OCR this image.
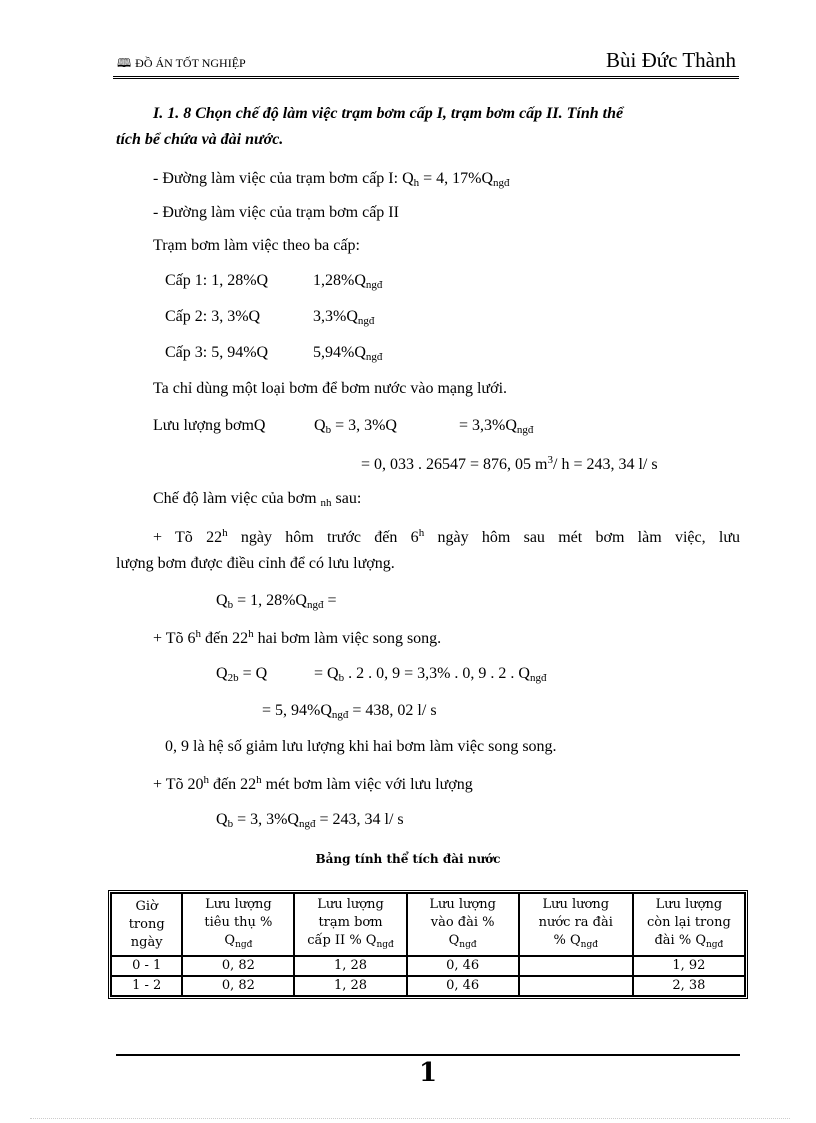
🕮 ĐỒ ÁN TỐT NGHIỆP	Bùi Đức Thành
I. 1. 8 Chọn chế độ làm việc trạm bơm cấp I, trạm bơm cấp II. Tính thể
tích bể chứa và đài nước.
- Đường làm việc của trạm bơm cấp I: $Q_h = 4$, $17\%Q_{ngđ}$
- Đường làm việc của trạm bơm cấp II
Trạm bơm làm việc theo ba cấp:
Cấp 1: 1, 28%Q	$1,28\%Q_{ngđ}$
Cấp 2: 3, 3%Q	$3,3\%Q_{ngđ}$
Cấp 3: 5, 94%Q	$5,94\%Q_{ngđ}$
Ta chỉ dùng một loại bơm để bơm nước vào mạng lưới.
Lưu lượng bơmQ	$Q_b = 3$, 3%Q	= $3,3\%Q_{ngđ}$
= 0, 033 . 26547 = 876, 05 $m^3/$ h = 243, 34 l/ s
Chế độ làm việc của bơm $_{nh}$ sau:
+ Tõ 22$^h$ ngày hôm trước đến 6$^h$ ngày hôm sau mét bơm làm việc, lưu
lượng bơm được điều cỉnh để có lưu lượng.
$Q_b = 1$, $28\%Q_{ngđ}$ =
+ Tõ 6$^h$ đến 22$^h$ hai bơm làm việc song song.
$Q_{2b} = Q$	= $Q_b$ . 2 . 0, 9 = 3,3% . 0, 9 . 2 . $Q_{ngđ}$
= 5, $94\%Q_{ngđ} = 438$, 02 l/ s
0, 9 là hệ số giảm lưu lượng khi hai bơm làm việc song song.
+ Tõ 20$^h$ đến 22$^h$ mét bơm làm việc với lưu lượng
$Q_b = 3$, $3\%Q_{ngđ} = 243$, 34 l/ s
Bảng tính thể tích đài nước
Giờ
trong
ngày	Lưu lượng
tiêu thụ %
$Q_{ngđ}$	Lưu lượng
trạm bơm
cấp II % $Q_{ngđ}$	Lưu lượng
vào đài %
$Q_{ngđ}$	Lưu lương
nước ra đài
% $Q_{ngđ}$	Lưu lượng
còn lại trong
đài % $Q_{ngđ}$
0 - 1	0, 82	1, 28	0, 46		1, 92
1 - 2	0, 82	1, 28	0, 46		2, 38
1
